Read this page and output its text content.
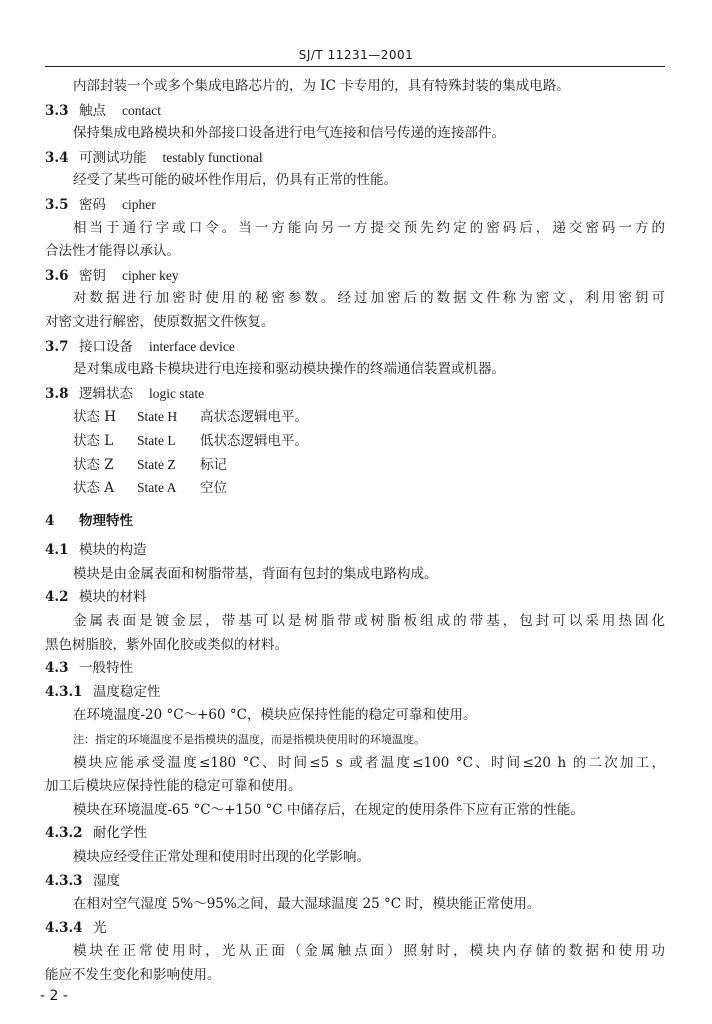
SJ/T 11231—2001
内部封装一个或多个集成电路芯片的，为 IC 卡专用的，具有特殊封装的集成电路。
3.3 触点 contact
保持集成电路模块和外部接口设备进行电气连接和信号传递的连接部件。
3.4 可测试功能 testably functional
经受了某些可能的破坏性作用后，仍具有正常的性能。
3.5 密码 cipher
相当于通行字或口令。当一方能向另一方提交预先约定的密码后，递交密码一方的
合法性才能得以承认。
3.6 密钥 cipher key
对数据进行加密时使用的秘密参数。经过加密后的数据文件称为密文，利用密钥可
对密文进行解密，使原数据文件恢复。
3.7 接口设备 interface device
是对集成电路卡模块进行电连接和驱动模块操作的终端通信装置或机器。
3.8 逻辑状态 logic state
状态 H State H 高状态逻辑电平。
状态 L State L 低状态逻辑电平。
状态 Z State Z 标记
状态 A State A 空位
4 物理特性
4.1 模块的构造
模块是由金属表面和树脂带基，背面有包封的集成电路构成。
4.2 模块的材料
金属表面是镀金层，带基可以是树脂带或树脂板组成的带基，包封可以采用热固化
黑色树脂胶，紫外固化胶或类似的材料。
4.3 一般特性
4.3.1 温度稳定性
在环境温度-20 °C～+60 °C，模块应保持性能的稳定可靠和使用。
注：指定的环境温度不是指模块的温度，而是指模块使用时的环境温度。
模块应能承受温度≤180 °C、时间≤5 s 或者温度≤100 °C、时间≤20 h 的二次加工，
加工后模块应保持性能的稳定可靠和使用。
模块在环境温度-65 °C～+150 °C 中储存后，在规定的使用条件下应有正常的性能。
4.3.2 耐化学性
模块应经受住正常处理和使用时出现的化学影响。
4.3.3 湿度
在相对空气湿度 5%～95%之间，最大湿球温度 25 °C 时，模块能正常使用。
4.3.4 光
模块在正常使用时，光从正面（金属触点面）照射时，模块内存储的数据和使用功
能应不发生变化和影响使用。
- 2 -
